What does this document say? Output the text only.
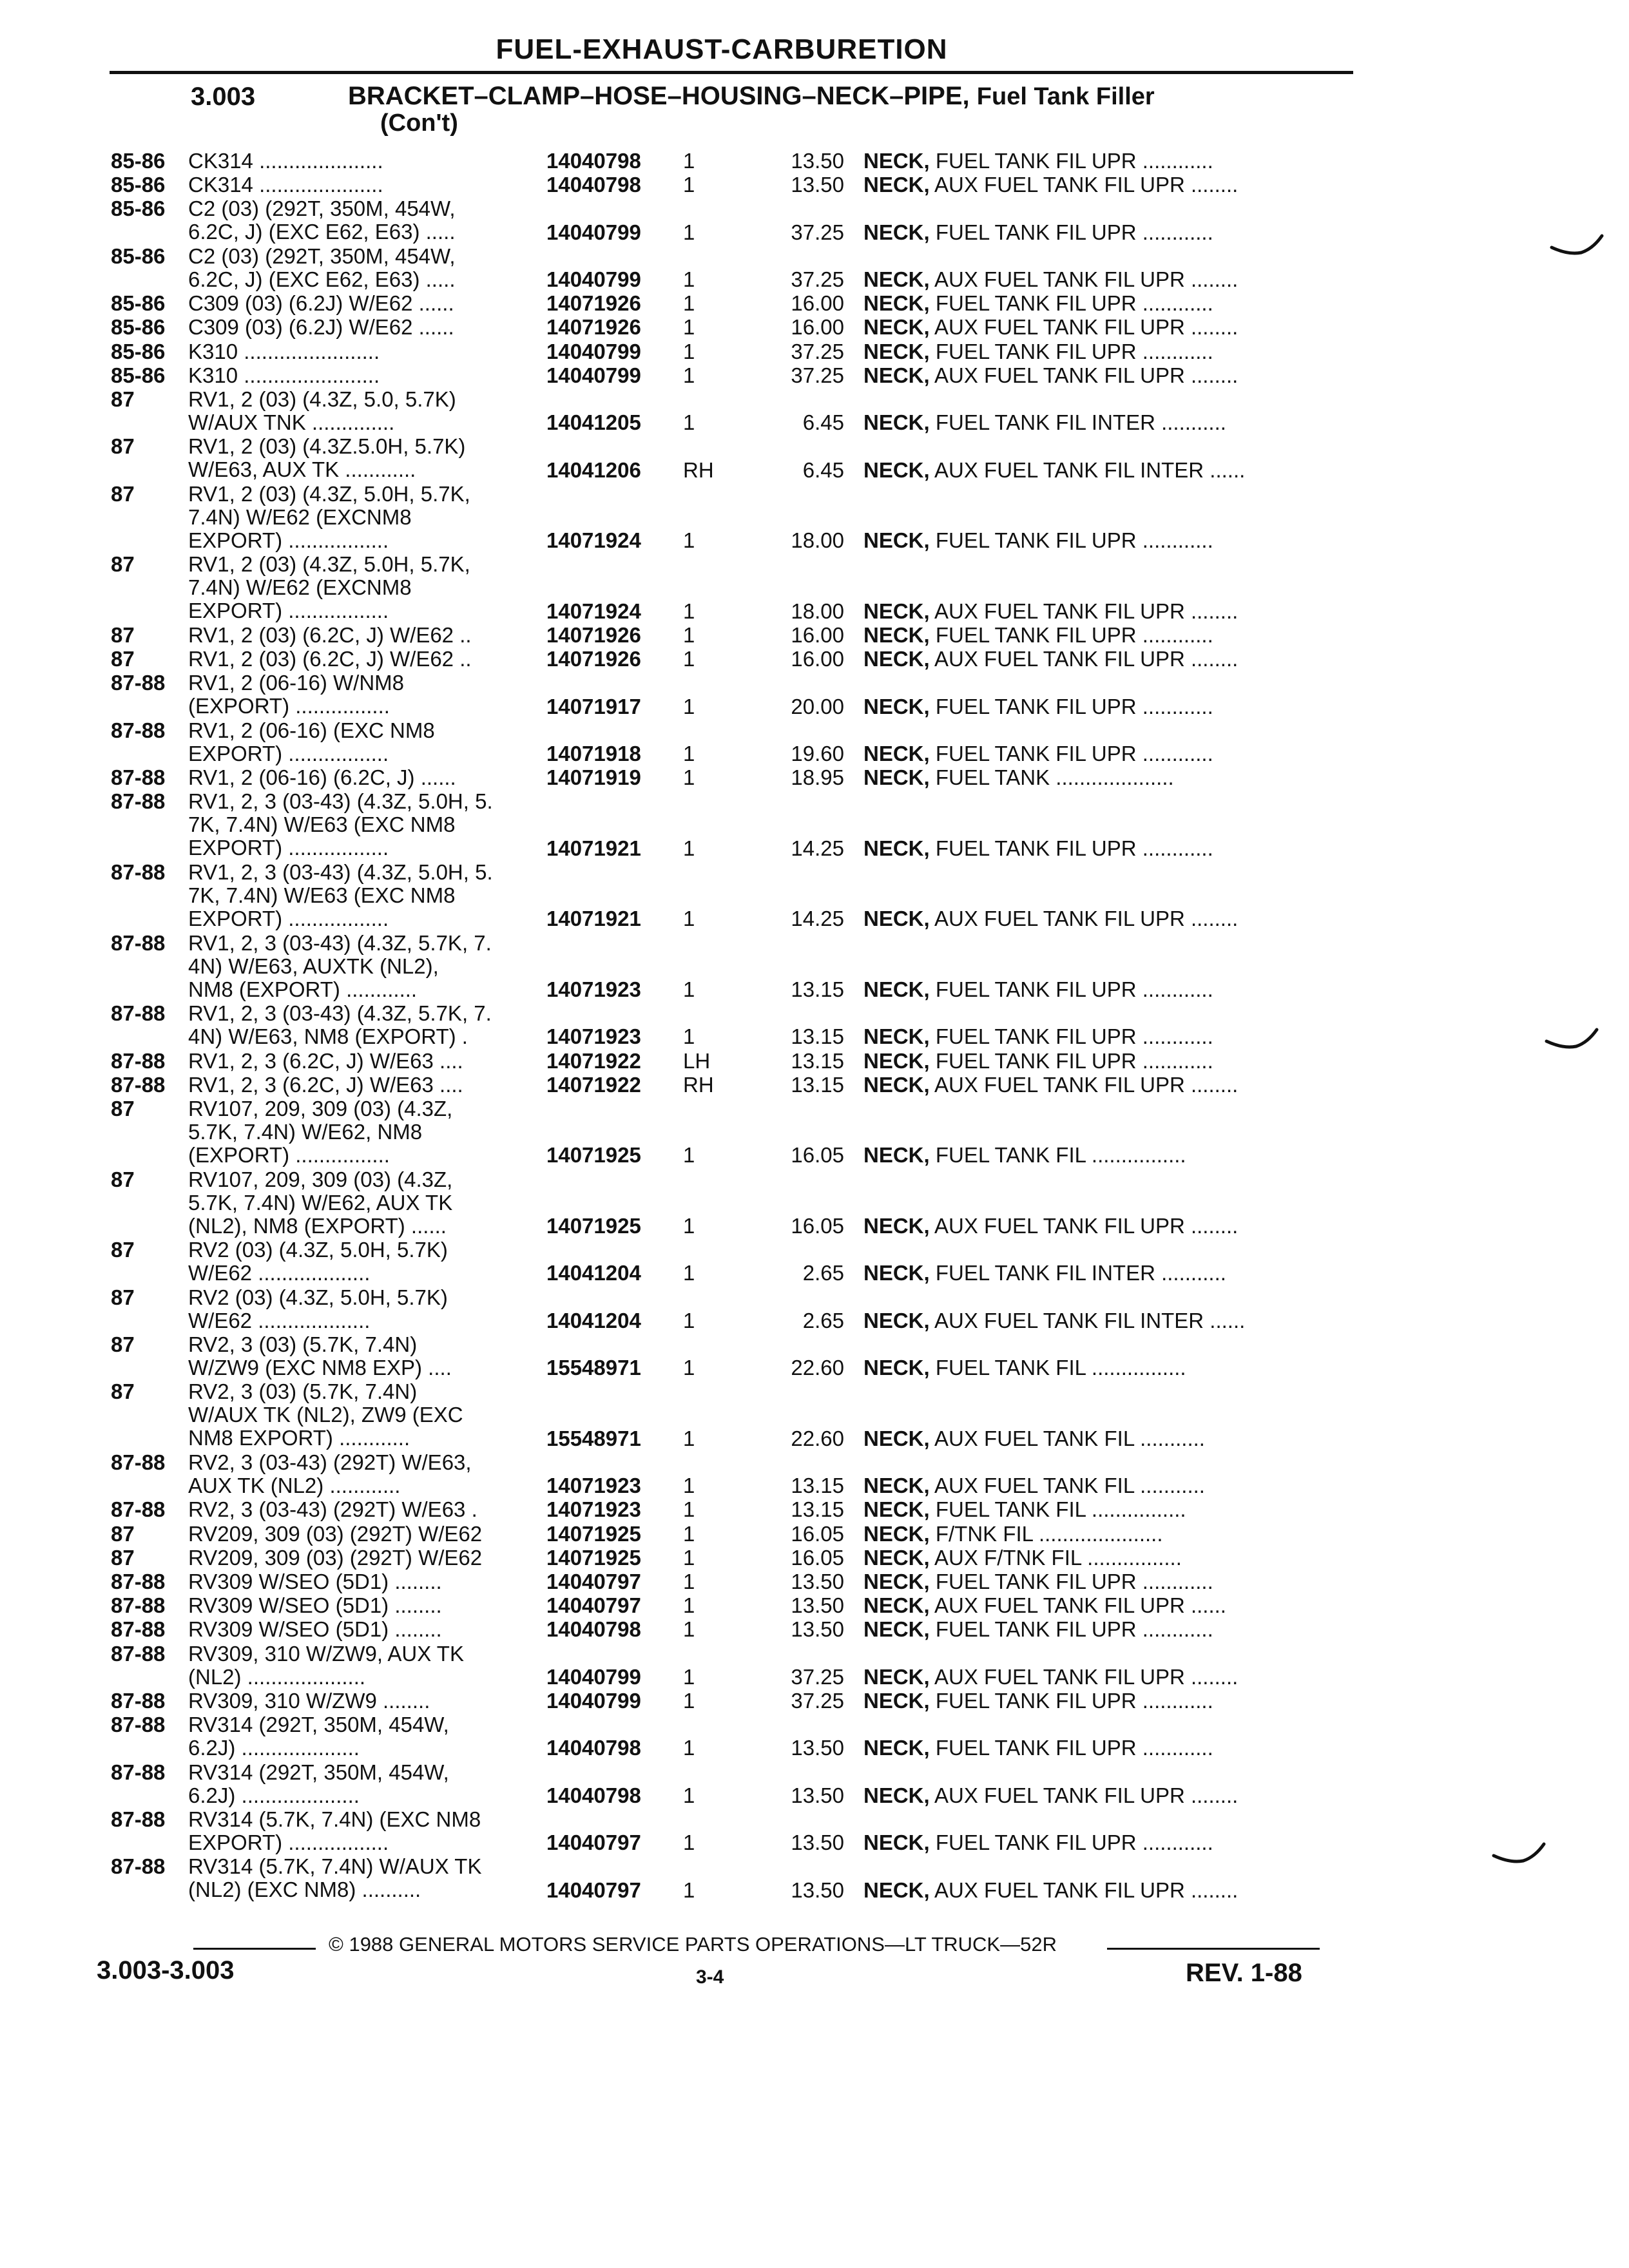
FUEL-EXHAUST-CARBURETION
3.003	BRACKET–CLAMP–HOSE–HOUSING–NECK–PIPE, Fuel Tank Filler
(Con't)
85-86 CK314 .....................	14040798 1	13.50 NECK, FUEL TANK FIL UPR ............
85-86 CK314 .....................	14040798 1	13.50 NECK, AUX FUEL TANK FIL UPR ........
85-86 C2 (03) (292T, 350M, 454W,
6.2C, J) (EXC E62, E63) .....	14040799 1	37.25 NECK, FUEL TANK FIL UPR ............
85-86 C2 (03) (292T, 350M, 454W,
6.2C, J) (EXC E62, E63) .....	14040799 1	37.25 NECK, AUX FUEL TANK FIL UPR ........
85-86 C309 (03) (6.2J) W/E62 ......	14071926 1	16.00 NECK, FUEL TANK FIL UPR ............
85-86 C309 (03) (6.2J) W/E62 ......	14071926 1	16.00 NECK, AUX FUEL TANK FIL UPR ........
85-86 K310 .......................	14040799 1	37.25 NECK, FUEL TANK FIL UPR ............
85-86 K310 .......................	14040799 1	37.25 NECK, AUX FUEL TANK FIL UPR ........
87	RV1, 2 (03) (4.3Z, 5.0, 5.7K)
W/AUX TNK ..............	14041205 1	6.45 NECK, FUEL TANK FIL INTER ...........
87	RV1, 2 (03) (4.3Z.5.0H, 5.7K)
W/E63, AUX TK ............	14041206 RH	6.45 NECK, AUX FUEL TANK FIL INTER ......
87	RV1, 2 (03) (4.3Z, 5.0H, 5.7K,
7.4N) W/E62 (EXCNM8
EXPORT) .................	14071924 1	18.00 NECK, FUEL TANK FIL UPR ............
87	RV1, 2 (03) (4.3Z, 5.0H, 5.7K,
7.4N) W/E62 (EXCNM8
EXPORT) .................	14071924 1	18.00 NECK, AUX FUEL TANK FIL UPR ........
87	RV1, 2 (03) (6.2C, J) W/E62 ..	14071926 1	16.00 NECK, FUEL TANK FIL UPR ............
87	RV1, 2 (03) (6.2C, J) W/E62 ..	14071926 1	16.00 NECK, AUX FUEL TANK FIL UPR ........
87-88 RV1, 2 (06-16) W/NM8
(EXPORT) ................	14071917 1	20.00 NECK, FUEL TANK FIL UPR ............
87-88 RV1, 2 (06-16) (EXC NM8
EXPORT) .................	14071918 1	19.60 NECK, FUEL TANK FIL UPR ............
87-88 RV1, 2 (06-16) (6.2C, J) ......	14071919 1	18.95 NECK, FUEL TANK ....................
87-88 RV1, 2, 3 (03-43) (4.3Z, 5.0H, 5.
7K, 7.4N) W/E63 (EXC NM8
EXPORT) .................	14071921 1	14.25 NECK, FUEL TANK FIL UPR ............
87-88 RV1, 2, 3 (03-43) (4.3Z, 5.0H, 5.
7K, 7.4N) W/E63 (EXC NM8
EXPORT) .................	14071921 1	14.25 NECK, AUX FUEL TANK FIL UPR ........
87-88 RV1, 2, 3 (03-43) (4.3Z, 5.7K, 7.
4N) W/E63, AUXTK (NL2),
NM8 (EXPORT) ............	14071923 1	13.15 NECK, FUEL TANK FIL UPR ............
87-88 RV1, 2, 3 (03-43) (4.3Z, 5.7K, 7.
4N) W/E63, NM8 (EXPORT) .	14071923 1	13.15 NECK, FUEL TANK FIL UPR ............
87-88 RV1, 2, 3 (6.2C, J) W/E63 ....	14071922 LH	13.15 NECK, FUEL TANK FIL UPR ............
87-88 RV1, 2, 3 (6.2C, J) W/E63 ....	14071922 RH	13.15 NECK, AUX FUEL TANK FIL UPR ........
87	RV107, 209, 309 (03) (4.3Z,
5.7K, 7.4N) W/E62, NM8
(EXPORT) ................	14071925 1	16.05 NECK, FUEL TANK FIL ................
87	RV107, 209, 309 (03) (4.3Z,
5.7K, 7.4N) W/E62, AUX TK
(NL2), NM8 (EXPORT) ......	14071925 1	16.05 NECK, AUX FUEL TANK FIL UPR ........
87	RV2 (03) (4.3Z, 5.0H, 5.7K)
W/E62 ...................	14041204 1	2.65 NECK, FUEL TANK FIL INTER ...........
87	RV2 (03) (4.3Z, 5.0H, 5.7K)
W/E62 ...................	14041204 1	2.65 NECK, AUX FUEL TANK FIL INTER ......
87	RV2, 3 (03) (5.7K, 7.4N)
W/ZW9 (EXC NM8 EXP) ....	15548971 1	22.60 NECK, FUEL TANK FIL ................
87	RV2, 3 (03) (5.7K, 7.4N)
W/AUX TK (NL2), ZW9 (EXC
NM8 EXPORT) ............	15548971 1	22.60 NECK, AUX FUEL TANK FIL ...........
87-88 RV2, 3 (03-43) (292T) W/E63,
AUX TK (NL2) ............	14071923 1	13.15 NECK, AUX FUEL TANK FIL ...........
87-88 RV2, 3 (03-43) (292T) W/E63 .	14071923 1	13.15 NECK, FUEL TANK FIL ................
87	RV209, 309 (03) (292T) W/E62	14071925 1	16.05 NECK, F/TNK FIL .....................
87	RV209, 309 (03) (292T) W/E62	14071925 1	16.05 NECK, AUX F/TNK FIL ................
87-88 RV309 W/SEO (5D1) ........	14040797 1	13.50 NECK, FUEL TANK FIL UPR ............
87-88 RV309 W/SEO (5D1) ........	14040797 1	13.50 NECK, AUX FUEL TANK FIL UPR ......
87-88 RV309 W/SEO (5D1) ........	14040798 1	13.50 NECK, FUEL TANK FIL UPR ............
87-88 RV309, 310 W/ZW9, AUX TK
(NL2) ....................	14040799 1	37.25 NECK, AUX FUEL TANK FIL UPR ........
87-88 RV309, 310 W/ZW9 ........	14040799 1	37.25 NECK, FUEL TANK FIL UPR ............
87-88 RV314 (292T, 350M, 454W,
6.2J) ....................	14040798 1	13.50 NECK, FUEL TANK FIL UPR ............
87-88 RV314 (292T, 350M, 454W,
6.2J) ....................	14040798 1	13.50 NECK, AUX FUEL TANK FIL UPR ........
87-88 RV314 (5.7K, 7.4N) (EXC NM8
EXPORT) .................	14040797 1	13.50 NECK, FUEL TANK FIL UPR ............
87-88 RV314 (5.7K, 7.4N) W/AUX TK
(NL2) (EXC NM8) ..........	14040797 1	13.50 NECK, AUX FUEL TANK FIL UPR ........
© 1988 GENERAL MOTORS SERVICE PARTS OPERATIONS—LT TRUCK—52R
3.003-3.003	3-4	REV. 1-88
